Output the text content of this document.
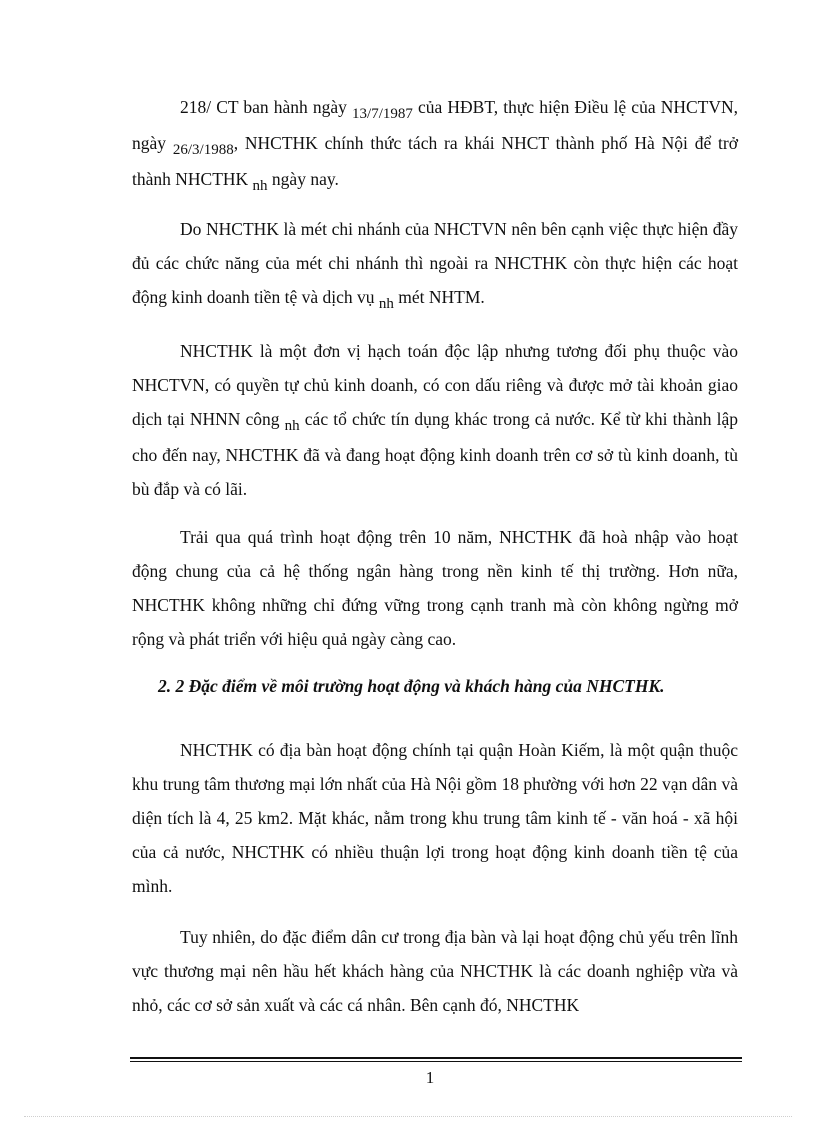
218/ CT ban hành ngày 13/7/1987 của HĐBT, thực hiện Điều lệ của NHCTVN, ngày 26/3/1988, NHCTHK chính thức tách ra khái NHCT thành phố Hà Nội để trở thành NHCTHK nh ngày nay.

Do NHCTHK là mét chi nhánh của NHCTVN nên bên cạnh việc thực hiện đầy đủ các chức năng của mét chi nhánh thì ngoài ra NHCTHK còn thực hiện các hoạt động kinh doanh tiền tệ và dịch vụ nh mét NHTM.

NHCTHK là một đơn vị hạch toán độc lập nhưng tương đối phụ thuộc vào NHCTVN, có quyền tự chủ kinh doanh, có con dấu riêng và được mở tài khoản giao dịch tại NHNN công nh các tổ chức tín dụng khác trong cả nước. Kể từ khi thành lập cho đến nay, NHCTHK đã và đang hoạt động kinh doanh trên cơ sở tù kinh doanh, tù bù đắp và có lãi.

Trải qua quá trình hoạt động trên 10 năm, NHCTHK đã hoà nhập vào hoạt động chung của cả hệ thống ngân hàng trong nền kinh tế thị trường. Hơn nữa, NHCTHK không những chỉ đứng vững trong cạnh tranh mà còn không ngừng mở rộng và phát triển với hiệu quả ngày càng cao.

2. 2 Đặc điểm về môi trường hoạt động và khách hàng của NHCTHK.

NHCTHK có địa bàn hoạt động chính tại quận Hoàn Kiếm, là một quận thuộc khu trung tâm thương mại lớn nhất của Hà Nội gồm 18 phường với hơn 22 vạn dân và diện tích là 4, 25 km2. Mặt khác, nằm trong khu trung tâm kinh tế - văn hoá - xã hội của cả nước, NHCTHK có nhiều thuận lợi trong hoạt động kinh doanh tiền tệ của mình.

Tuy nhiên, do đặc điểm dân cư trong địa bàn và lại hoạt động chủ yếu trên lĩnh vực thương mại nên hầu hết khách hàng của NHCTHK là các doanh nghiệp vừa và nhỏ, các cơ sở sản xuất và các cá nhân. Bên cạnh đó, NHCTHK

1
